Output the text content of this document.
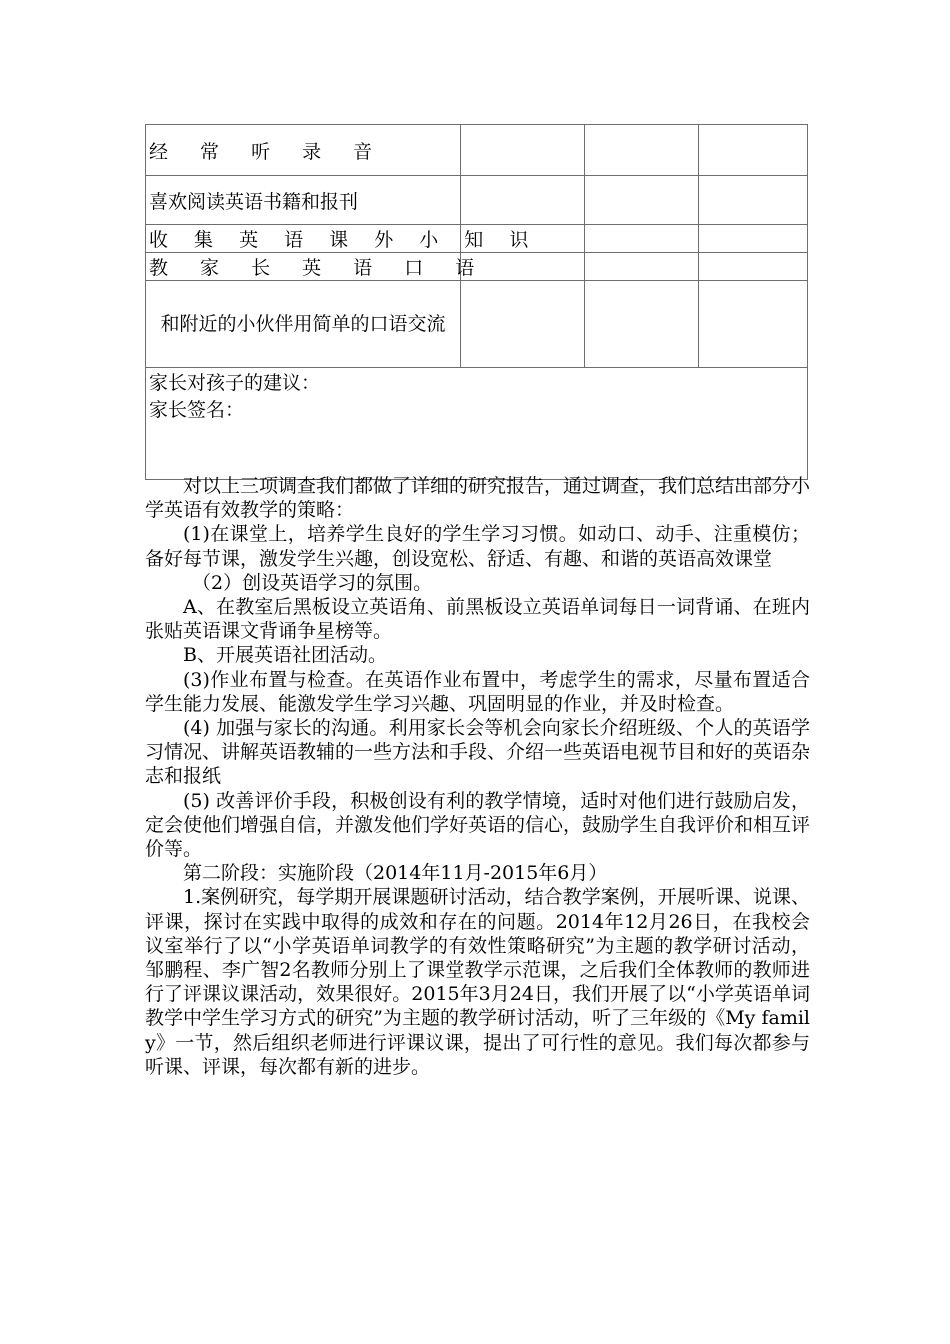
经 常 听 录 音			
喜欢阅读英语书籍和报刊			
收 集 英 语 课 外 小 知 识			
教 家 长 英 语 口 语			
和附近的小伙伴用简单的口语交流			

家长对孩子的建议：
家长签名：			

对以上三项调查我们都做了详细的研究报告，通过调查，我们总结出部分小学英语有效教学的策略：

(1)在课堂上，培养学生良好的学生学习习惯。如动口、动手、注重模仿；备好每节课，激发学生兴趣，创设宽松、舒适、有趣、和谐的英语高效课堂

（2）创设英语学习的氛围。

A、在教室后黑板设立英语角、前黑板设立英语单词每日一词背诵、在班内张贴英语课文背诵争星榜等。

B、开展英语社团活动。

(3)作业布置与检查。在英语作业布置中，考虑学生的需求，尽量布置适合学生能力发展、能激发学生学习兴趣、巩固明显的作业，并及时检查。

(4) 加强与家长的沟通。利用家长会等机会向家长介绍班级、个人的英语学习情况、讲解英语教辅的一些方法和手段、介绍一些英语电视节目和好的英语杂志和报纸

(5) 改善评价手段，积极创设有利的教学情境，适时对他们进行鼓励启发，定会使他们增强自信，并激发他们学好英语的信心，鼓励学生自我评价和相互评价等。

第二阶段：实施阶段（2014年11月-2015年6月）

1.案例研究，每学期开展课题研讨活动，结合教学案例，开展听课、说课、评课，探讨在实践中取得的成效和存在的问题。2014年12月26日，在我校会议室举行了以“小学英语单词教学的有效性策略研究”为主题的教学研讨活动，邹鹏程、李广智2名教师分别上了课堂教学示范课，之后我们全体教师的教师进行了评课议课活动，效果很好。2015年3月24日，我们开展了以“小学英语单词教学中学生学习方式的研究”为主题的教学研讨活动，听了三年级的《My family》一节，然后组织老师进行评课议课，提出了可行性的意见。我们每次都参与听课、评课，每次都有新的进步。
